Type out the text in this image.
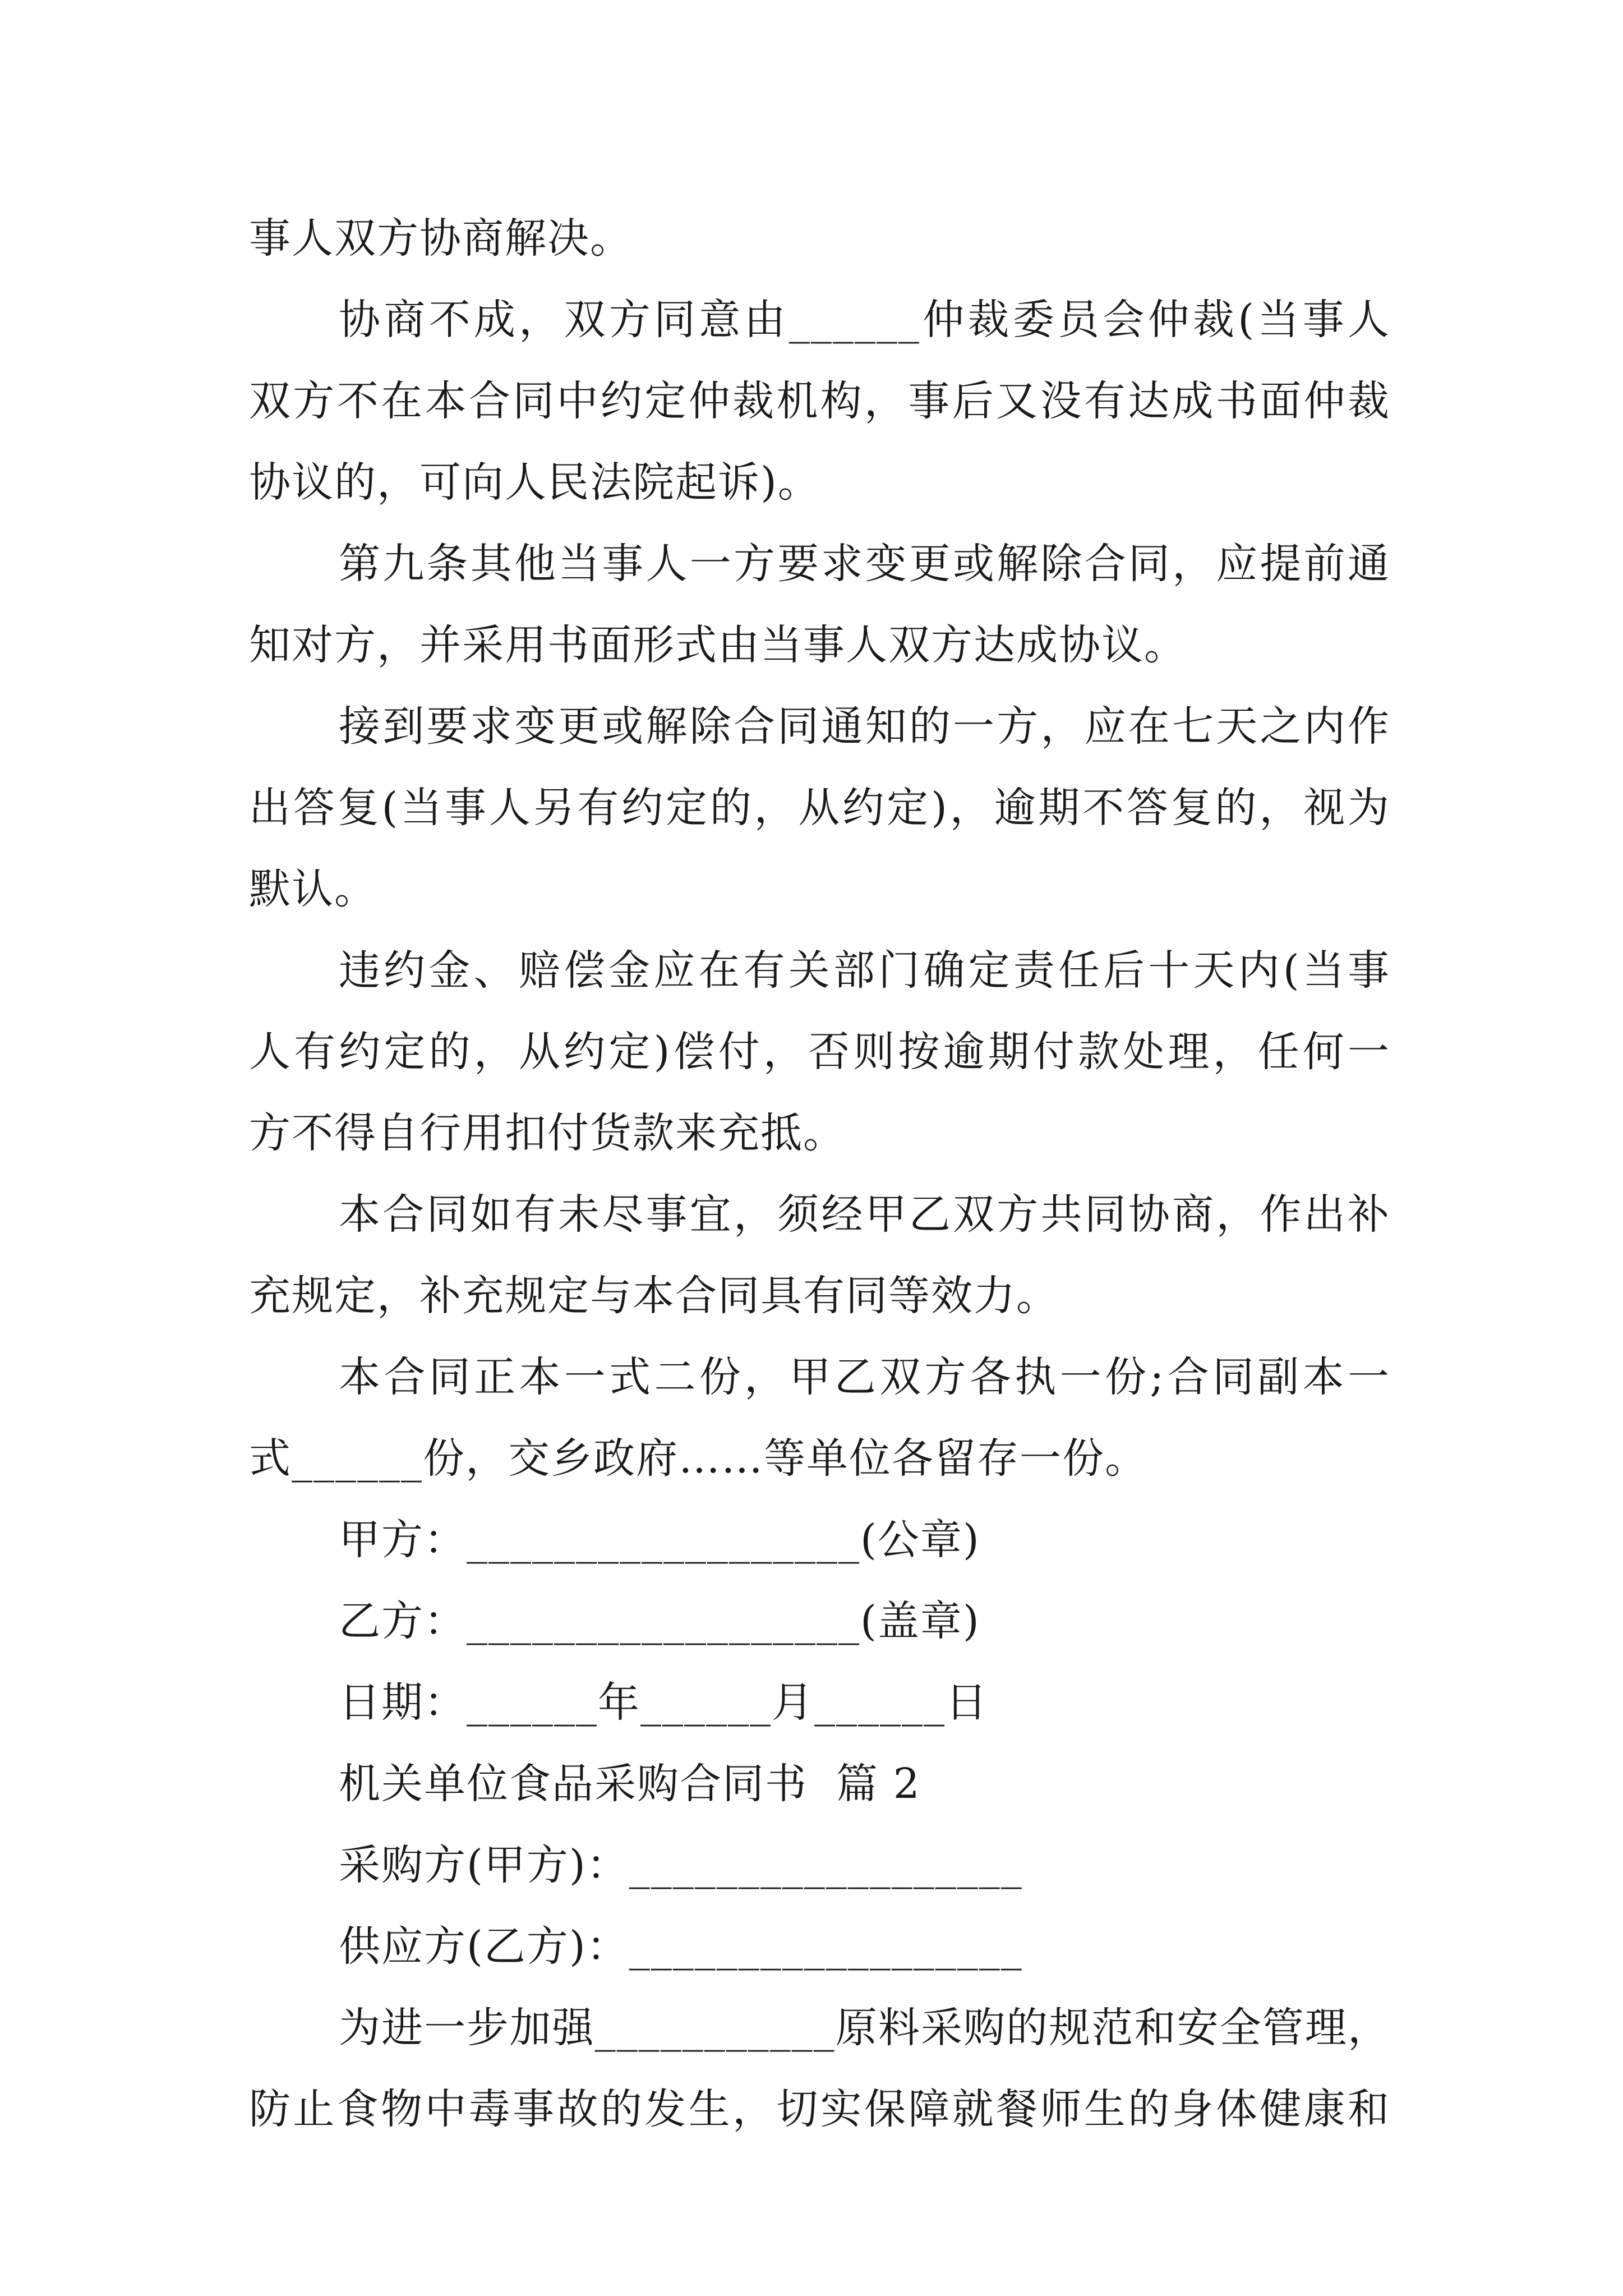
事人双方协商解决。
协商不成，双方同意由______仲裁委员会仲裁(当事人
双方不在本合同中约定仲裁机构，事后又没有达成书面仲裁
协议的，可向人民法院起诉)。
第九条其他当事人一方要求变更或解除合同，应提前通
知对方，并采用书面形式由当事人双方达成协议。
接到要求变更或解除合同通知的一方，应在七天之内作
出答复(当事人另有约定的，从约定)，逾期不答复的，视为
默认。
违约金、赔偿金应在有关部门确定责任后十天内(当事
人有约定的，从约定)偿付，否则按逾期付款处理，任何一
方不得自行用扣付货款来充抵。
本合同如有未尽事宜，须经甲乙双方共同协商，作出补
充规定，补充规定与本合同具有同等效力。
本合同正本一式二份，甲乙双方各执一份;合同副本一
式______份，交乡政府……等单位各留存一份。
甲方：__________________(公章)
乙方：__________________(盖章)
日期：______年______月______日
机关单位食品采购合同书  篇 2
采购方(甲方)：__________________
供应方(乙方)：__________________
为进一步加强___________原料采购的规范和安全管理，
防止食物中毒事故的发生，切实保障就餐师生的身体健康和
